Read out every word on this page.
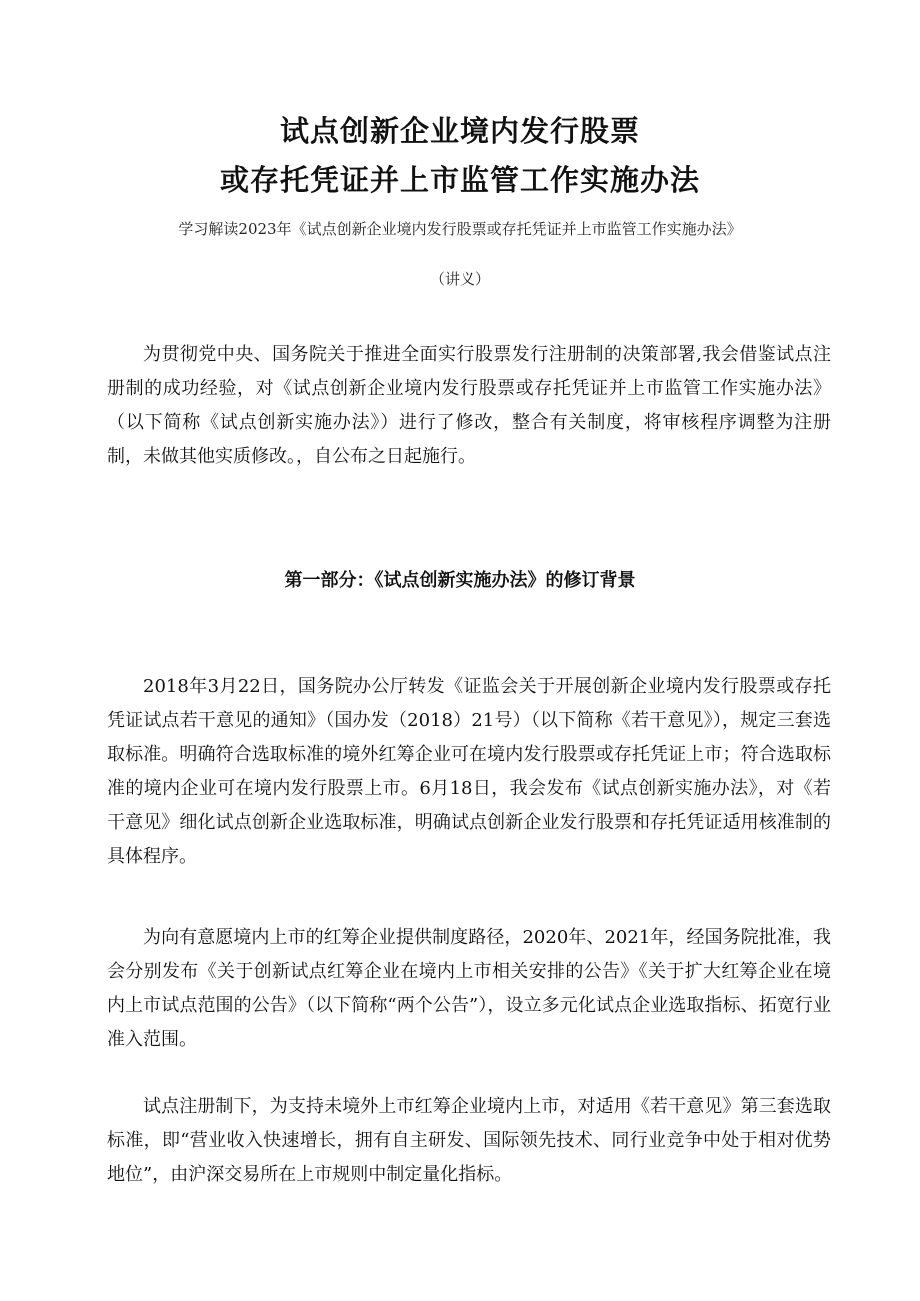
试点创新企业境内发行股票
或存托凭证并上市监管工作实施办法
学习解读2023年《试点创新企业境内发行股票或存托凭证并上市监管工作实施办法》
（讲义）

为贯彻党中央、国务院关于推进全面实行股票发行注册制的决策部署,我会借鉴试点注册制的成功经验，对《试点创新企业境内发行股票或存托凭证并上市监管工作实施办法》（以下简称《试点创新实施办法》）进行了修改，整合有关制度，将审核程序调整为注册制，未做其他实质修改。，自公布之日起施行。

第一部分：《试点创新实施办法》的修订背景

2018年3月22日，国务院办公厅转发《证监会关于开展创新企业境内发行股票或存托凭证试点若干意见的通知》（国办发（2018）21号）（以下简称《若干意见》），规定三套选取标准。明确符合选取标准的境外红筹企业可在境内发行股票或存托凭证上市；符合选取标准的境内企业可在境内发行股票上市。6月18日，我会发布《试点创新实施办法》，对《若干意见》细化试点创新企业选取标准，明确试点创新企业发行股票和存托凭证适用核准制的具体程序。

为向有意愿境内上市的红筹企业提供制度路径，2020年、2021年，经国务院批准，我会分别发布《关于创新试点红筹企业在境内上市相关安排的公告》《关于扩大红筹企业在境内上市试点范围的公告》（以下简称“两个公告”），设立多元化试点企业选取指标、拓宽行业准入范围。

试点注册制下，为支持未境外上市红筹企业境内上市，对适用《若干意见》第三套选取标准，即“营业收入快速增长，拥有自主研发、国际领先技术、同行业竞争中处于相对优势地位”，由沪深交易所在上市规则中制定量化指标。
